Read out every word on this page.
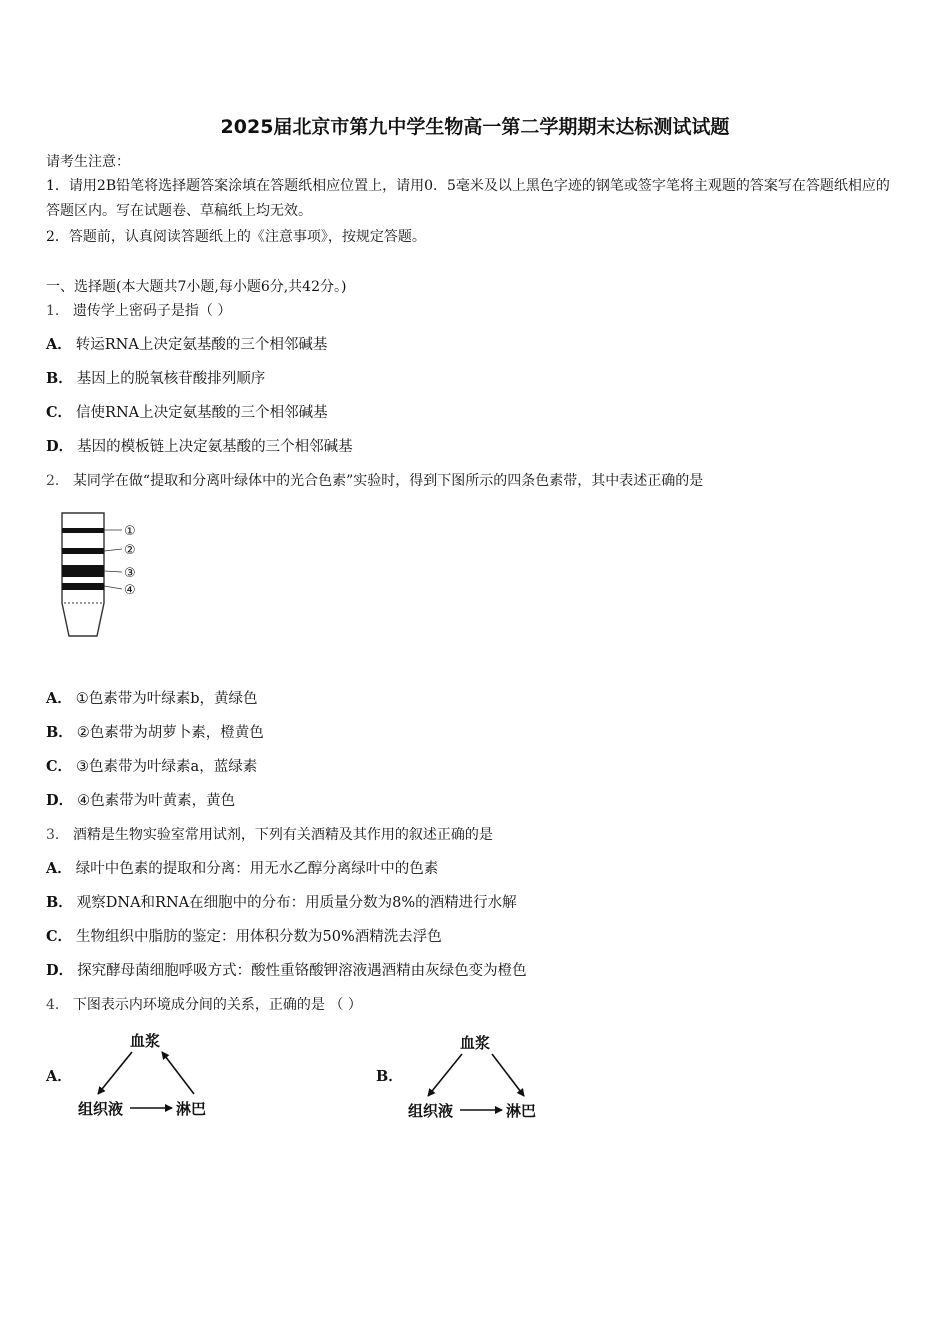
2025届北京市第九中学生物高一第二学期期末达标测试试题
请考生注意：
1．请用2B铅笔将选择题答案涂填在答题纸相应位置上，请用0．5毫米及以上黑色字迹的钢笔或签字笔将主观题的答案写在答题纸相应的答题区内。写在试题卷、草稿纸上均无效。
2．答题前，认真阅读答题纸上的《注意事项》，按规定答题。
一、选择题(本大题共7小题,每小题6分,共42分。)
1． 遗传学上密码子是指（ ）
A． 转运RNA上决定氨基酸的三个相邻碱基
B． 基因上的脱氧核苷酸排列顺序
C． 信使RNA上决定氨基酸的三个相邻碱基
D． 基因的模板链上决定氨基酸的三个相邻碱基
2． 某同学在做“提取和分离叶绿体中的光合色素”实验时，得到下图所示的四条色素带，其中表述正确的是
①
②
③
④
A． ①色素带为叶绿素b，黄绿色
B． ②色素带为胡萝卜素，橙黄色
C． ③色素带为叶绿素a，蓝绿素
D． ④色素带为叶黄素，黄色
3． 酒精是生物实验室常用试剂，下列有关酒精及其作用的叙述正确的是
A． 绿叶中色素的提取和分离：用无水乙醇分离绿叶中的色素
B． 观察DNA和RNA在细胞中的分布：用质量分数为8%的酒精进行水解
C． 生物组织中脂肪的鉴定：用体积分数为50%酒精洗去浮色
D． 探究酵母菌细胞呼吸方式：酸性重铬酸钾溶液遇酒精由灰绿色变为橙色
4． 下图表示内环境成分间的关系，正确的是 （ ）
A．
血浆
组织液	淋巴
B．
血浆
组织液	淋巴
